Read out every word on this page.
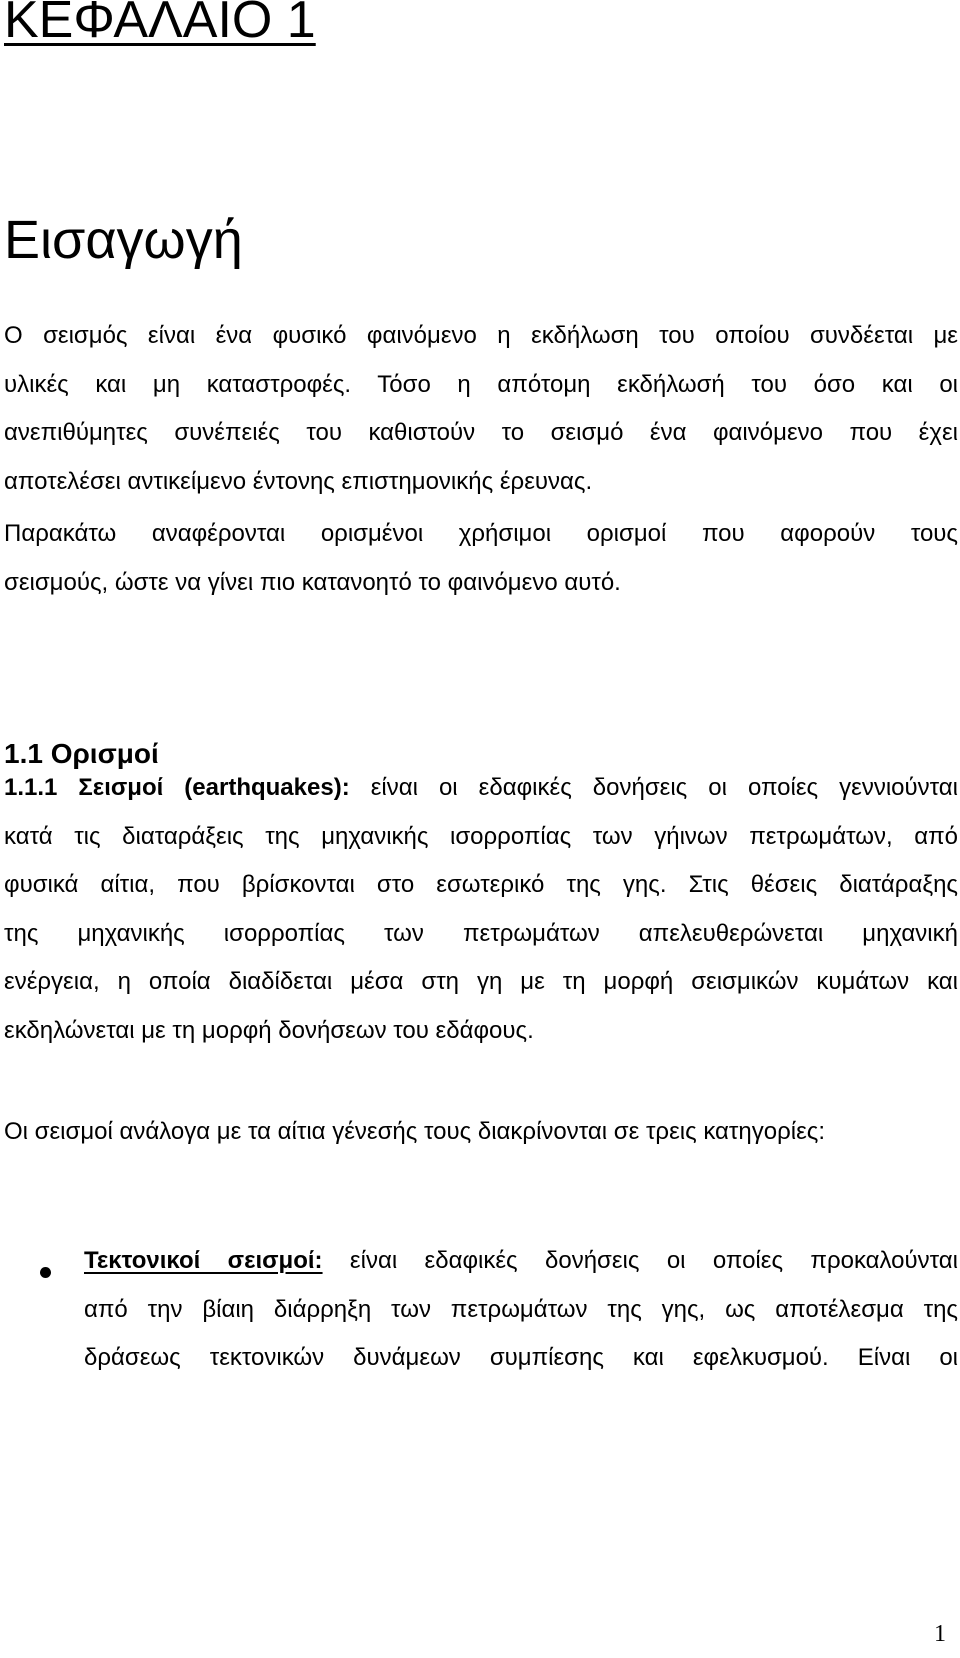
ΚΕΦΑΛΑΙΟ 1
Εισαγωγή

Ο σεισμός είναι ένα φυσικό φαινόμενο η εκδήλωση του οποίου συνδέεται με
υλικές και μη καταστροφές. Τόσο η απότομη εκδήλωσή του όσο και οι
ανεπιθύμητες συνέπειές του καθιστούν το σεισμό ένα φαινόμενο που έχει
αποτελέσει αντικείμενο έντονης επιστημονικής έρευνας.

Παρακάτω αναφέρονται ορισμένοι χρήσιμοι ορισμοί που αφορούν τους
σεισμούς, ώστε να γίνει πιο κατανοητό το φαινόμενο αυτό.

1.1 Ορισμοί

1.1.1 Σεισμοί (earthquakes): είναι οι εδαφικές δονήσεις οι οποίες γεννιούνται
κατά τις διαταράξεις της μηχανικής ισορροπίας των γήινων πετρωμάτων, από
φυσικά αίτια, που βρίσκονται στο εσωτερικό της γης. Στις θέσεις διατάραξης
της μηχανικής ισορροπίας των πετρωμάτων απελευθερώνεται μηχανική
ενέργεια, η οποία διαδίδεται μέσα στη γη με τη μορφή σεισμικών κυμάτων και
εκδηλώνεται με τη μορφή δονήσεων του εδάφους.

Οι σεισμοί ανάλογα με τα αίτια γένεσής τους διακρίνονται σε τρεις κατηγορίες:

Τεκτονικοί σεισμοί: είναι εδαφικές δονήσεις οι οποίες προκαλούνται
από την βίαιη διάρρηξη των πετρωμάτων της γης, ως αποτέλεσμα της
δράσεως τεκτονικών δυνάμεων συμπίεσης και εφελκυσμού. Είναι οι

1
